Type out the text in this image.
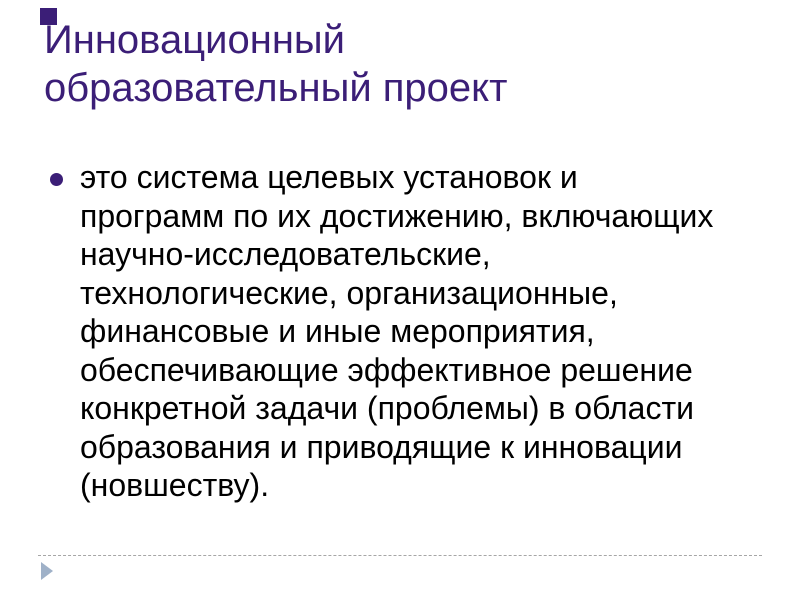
Инновационный
образовательный проект
это система целевых установок и
программ по их достижению, включающих
научно-исследовательские,
технологические, организационные,
финансовые и иные мероприятия,
обеспечивающие эффективное решение
конкретной задачи (проблемы) в области
образования и приводящие к инновации
(новшеству).
